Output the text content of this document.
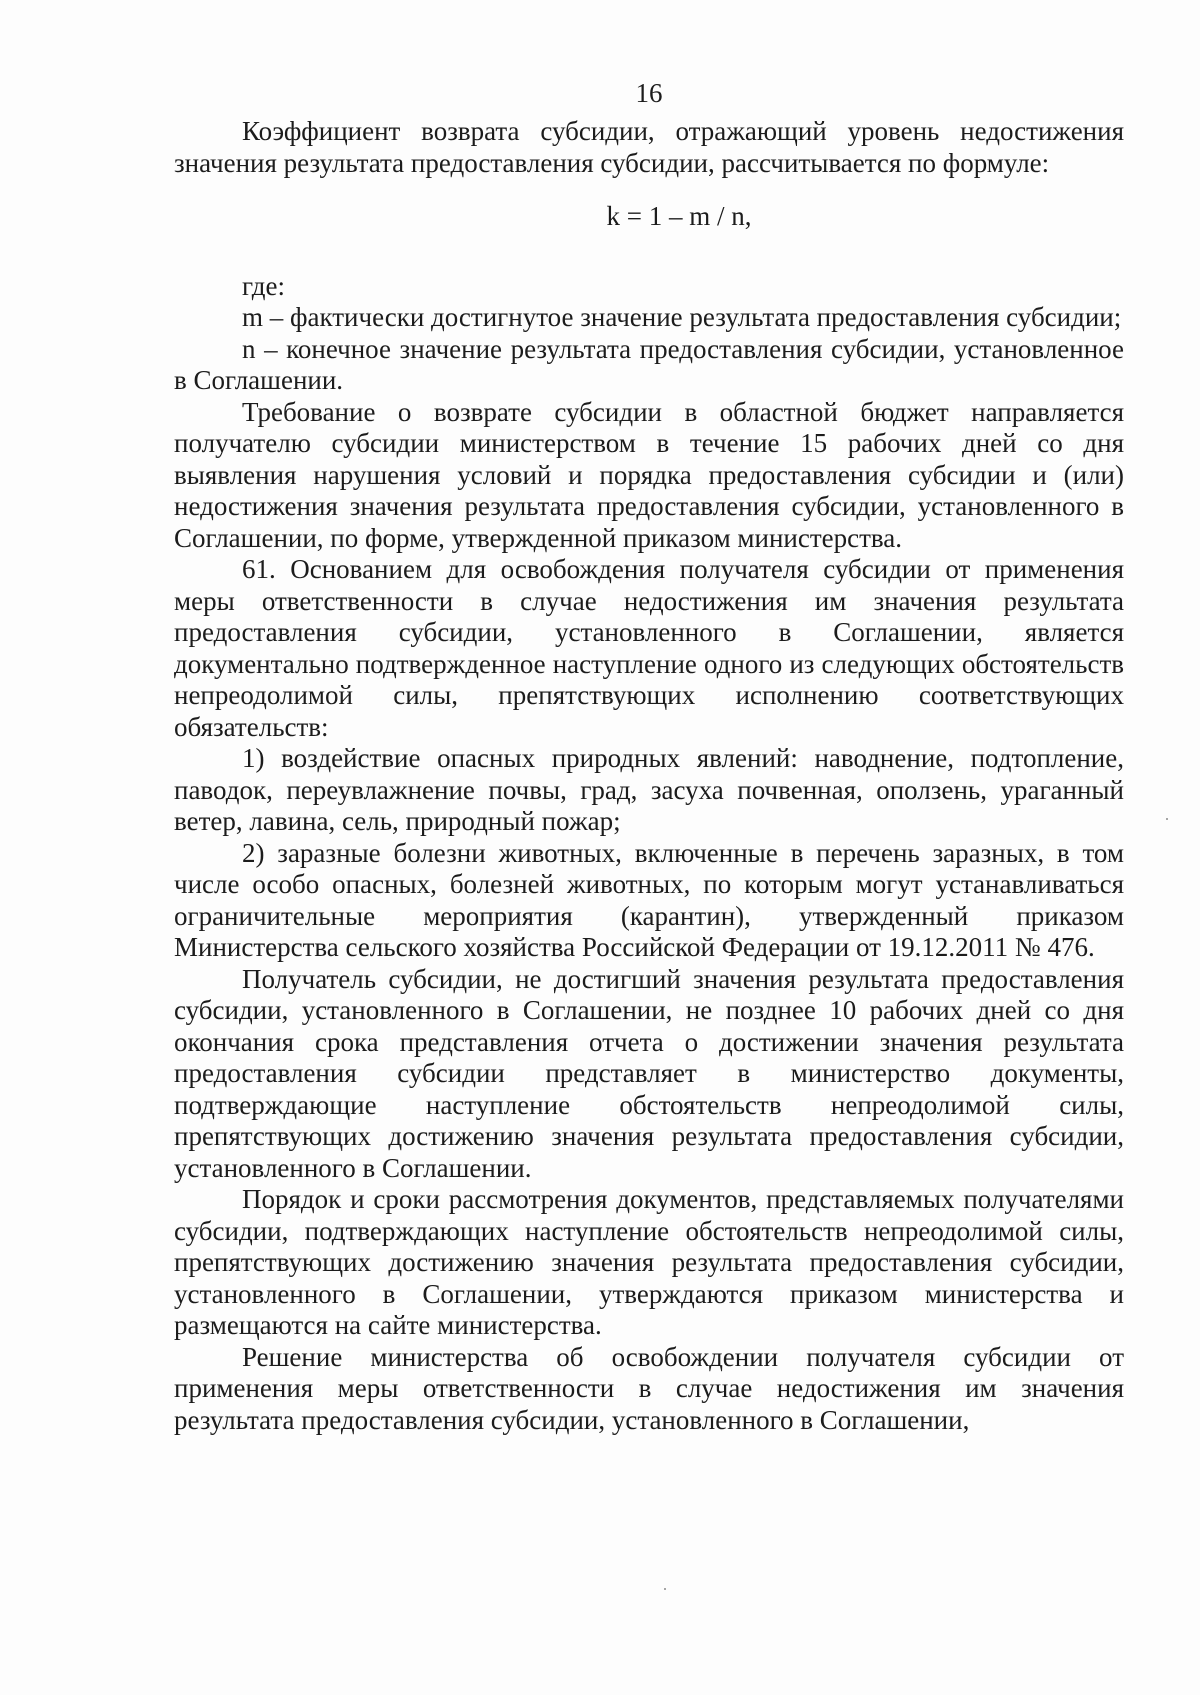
16

Коэффициент возврата субсидии, отражающий уровень недостижения значения результата предоставления субсидии, рассчитывается по формуле:

k = 1 – m / n,

где:

m – фактически достигнутое значение результата предоставления субсидии;

n – конечное значение результата предоставления субсидии, установленное в Соглашении.

Требование о возврате субсидии в областной бюджет направляется получателю субсидии министерством в течение 15 рабочих дней со дня выявления нарушения условий и порядка предоставления субсидии и (или) недостижения значения результата предоставления субсидии, установленного в Соглашении, по форме, утвержденной приказом министерства.

61. Основанием для освобождения получателя субсидии от применения меры ответственности в случае недостижения им значения результата предоставления субсидии, установленного в Соглашении, является документально подтвержденное наступление одного из следующих обстоятельств непреодолимой силы, препятствующих исполнению соответствующих обязательств:

1) воздействие опасных природных явлений: наводнение, подтопление, паводок, переувлажнение почвы, град, засуха почвенная, оползень, ураганный ветер, лавина, сель, природный пожар;

2) заразные болезни животных, включенные в перечень заразных, в том числе особо опасных, болезней животных, по которым могут устанавливаться ограничительные мероприятия (карантин), утвержденный приказом Министерства сельского хозяйства Российской Федерации от 19.12.2011 № 476.

Получатель субсидии, не достигший значения результата предоставления субсидии, установленного в Соглашении, не позднее 10 рабочих дней со дня окончания срока представления отчета о достижении значения результата предоставления субсидии представляет в министерство документы, подтверждающие наступление обстоятельств непреодолимой силы, препятствующих достижению значения результата предоставления субсидии, установленного в Соглашении.

Порядок и сроки рассмотрения документов, представляемых получателями субсидии, подтверждающих наступление обстоятельств непреодолимой силы, препятствующих достижению значения результата предоставления субсидии, установленного в Соглашении, утверждаются приказом министерства и размещаются на сайте министерства.

Решение министерства об освобождении получателя субсидии от применения меры ответственности в случае недостижения им значения результата предоставления субсидии, установленного в Соглашении,
